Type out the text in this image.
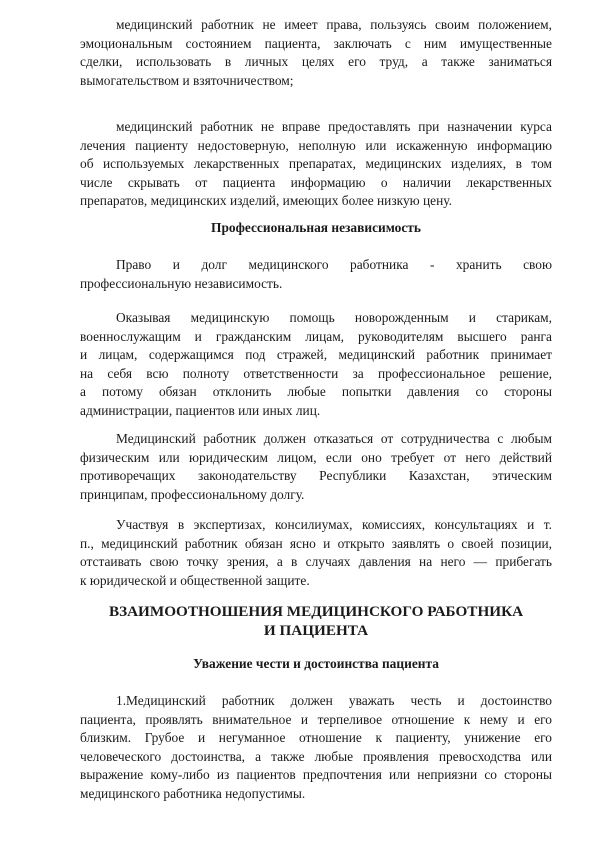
медицинский работник не имеет права, пользуясь своим положением,
эмоциональным состоянием пациента, заключать с ним имущественные
сделки, использовать в личных целях его труд, а также заниматься
вымогательством и взяточничеством;
медицинский работник не вправе предоставлять при назначении курса
лечения пациенту недостоверную, неполную или искаженную информацию
об используемых лекарственных препаратах, медицинских изделиях, в том
числе скрывать от пациента информацию о наличии лекарственных
препаратов, медицинских изделий, имеющих более низкую цену.

Профессиональная независимость

Право и долг медицинского работника - хранить свою
профессиональную независимость.
Оказывая медицинскую помощь новорожденным и старикам,
военнослужащим и гражданским лицам, руководителям высшего ранга
и лицам, содержащимся под стражей, медицинский работник принимает
на себя всю полноту ответственности за профессиональное решение,
а потому обязан отклонить любые попытки давления со стороны
администрации, пациентов или иных лиц.
Медицинский работник должен отказаться от сотрудничества с любым
физическим или юридическим лицом, если оно требует от него действий
противоречащих законодательству Республики Казахстан, этическим
принципам, профессиональному долгу.
Участвуя в экспертизах, консилиумах, комиссиях, консультациях и т.
п., медицинский работник обязан ясно и открыто заявлять о своей позиции,
отстаивать свою точку зрения, а в случаях давления на него — прибегать
к юридической и общественной защите.

ВЗАИМООТНОШЕНИЯ МЕДИЦИНСКОГО РАБОТНИКА
И ПАЦИЕНТА

Уважение чести и достоинства пациента

1.Медицинский работник должен уважать честь и достоинство
пациента, проявлять внимательное и терпеливое отношение к нему и его
близким. Грубое и негуманное отношение к пациенту, унижение его
человеческого достоинства, а также любые проявления превосходства или
выражение кому-либо из пациентов предпочтения или неприязни со стороны
медицинского работника недопустимы.
